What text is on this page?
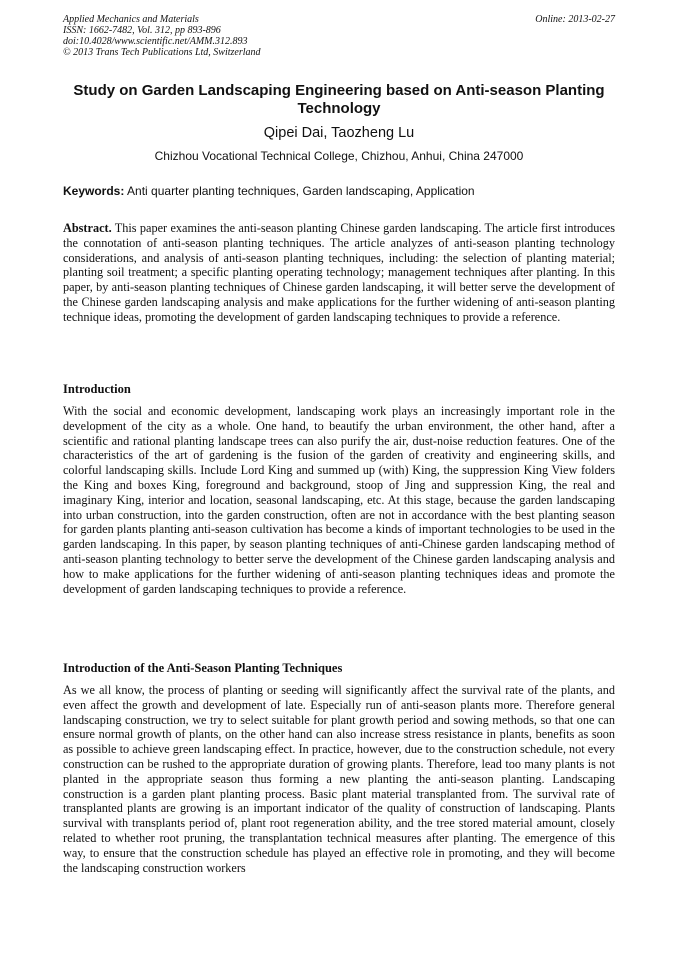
Applied Mechanics and Materials
ISSN: 1662-7482, Vol. 312, pp 893-896
doi:10.4028/www.scientific.net/AMM.312.893
© 2013 Trans Tech Publications Ltd, Switzerland
Online: 2013-02-27
Study on Garden Landscaping Engineering based on Anti-season Planting Technology
Qipei Dai, Taozheng Lu
Chizhou Vocational Technical College, Chizhou, Anhui, China 247000
Keywords: Anti quarter planting techniques, Garden landscaping, Application
Abstract. This paper examines the anti-season planting Chinese garden landscaping. The article first introduces the connotation of anti-season planting techniques. The article analyzes of anti-season planting technology considerations, and analysis of anti-season planting techniques, including: the selection of planting material; planting soil treatment; a specific planting operating technology; management techniques after planting. In this paper, by anti-season planting techniques of Chinese garden landscaping, it will better serve the development of the Chinese garden landscaping analysis and make applications for the further widening of anti-season planting technique ideas, promoting the development of garden landscaping techniques to provide a reference.
Introduction
With the social and economic development, landscaping work plays an increasingly important role in the development of the city as a whole. One hand, to beautify the urban environment, the other hand, after a scientific and rational planting landscape trees can also purify the air, dust-noise reduction features. One of the characteristics of the art of gardening is the fusion of the garden of creativity and engineering skills, and colorful landscaping skills. Include Lord King and summed up (with) King, the suppression King View folders the King and boxes King, foreground and background, stoop of Jing and suppression King, the real and imaginary King, interior and location, seasonal landscaping, etc. At this stage, because the garden landscaping into urban construction, into the garden construction, often are not in accordance with the best planting season for garden plants planting anti-season cultivation has become a kinds of important technologies to be used in the garden landscaping. In this paper, by season planting techniques of anti-Chinese garden landscaping method of anti-season planting technology to better serve the development of the Chinese garden landscaping analysis and how to make applications for the further widening of anti-season planting techniques ideas and promote the development of garden landscaping techniques to provide a reference.
Introduction of the Anti-Season Planting Techniques
As we all know, the process of planting or seeding will significantly affect the survival rate of the plants, and even affect the growth and development of late. Especially run of anti-season plants more. Therefore general landscaping construction, we try to select suitable for plant growth period and sowing methods, so that one can ensure normal growth of plants, on the other hand can also increase stress resistance in plants, benefits as soon as possible to achieve green landscaping effect. In practice, however, due to the construction schedule, not every construction can be rushed to the appropriate duration of growing plants. Therefore, lead too many plants is not planted in the appropriate season thus forming a new planting the anti-season planting. Landscaping construction is a garden plant planting process. Basic plant material transplanted from. The survival rate of transplanted plants are growing is an important indicator of the quality of construction of landscaping. Plants survival with transplants period of, plant root regeneration ability, and the tree stored material amount, closely related to whether root pruning, the transplantation technical measures after planting. The emergence of this way, to ensure that the construction schedule has played an effective role in promoting, and they will become the landscaping construction workers
